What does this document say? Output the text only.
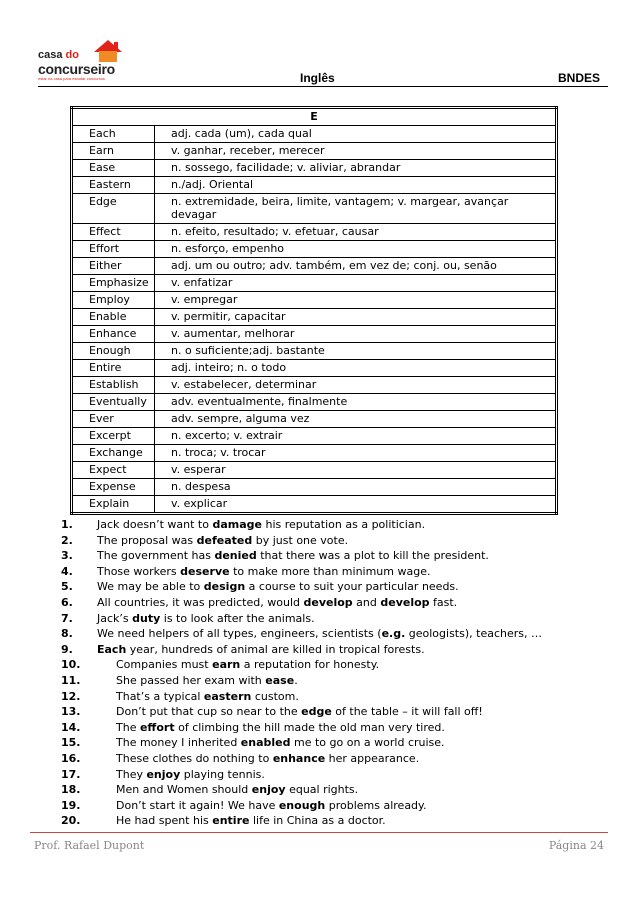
casa do
concurseiro
estar na casa para estudar concursos	Inglês	BNDES
E	
Each	adj. cada (um), cada qual
Earn	v. ganhar, receber, merecer
Ease	n. sossego, facilidade; v. aliviar, abrandar
Eastern	n./adj. Oriental
Edge	n. extremidade, beira, limite, vantagem; v. margear, avançar devagar
Effect	n. efeito, resultado; v. efetuar, causar
Effort	n. esforço, empenho
Either	adj. um ou outro; adv. também, em vez de; conj. ou, senão
Emphasize	v. enfatizar
Employ	v. empregar
Enable	v. permitir, capacitar
Enhance	v. aumentar, melhorar
Enough	n. o suficiente;adj. bastante
Entire	adj. inteiro; n. o todo
Establish	v. estabelecer, determinar
Eventually	adv. eventualmente, finalmente
Ever	adv. sempre, alguma vez
Excerpt	n. excerto; v. extrair
Exchange	n. troca; v. trocar
Expect	v. esperar
Expense	n. despesa
Explain	v. explicar
1. Jack doesn’t want to damage his reputation as a politician.
2. The proposal was defeated by just one vote.
3. The government has denied that there was a plot to kill the president.
4. Those workers deserve to make more than minimum wage.
5. We may be able to design a course to suit your particular needs.
6. All countries, it was predicted, would develop and develop fast.
7. Jack’s duty is to look after the animals.
8. We need helpers of all types, engineers, scientists (e.g. geologists), teachers, …
9. Each year, hundreds of animal are killed in tropical forests.
10.	Companies must earn a reputation for honesty.
11.	She passed her exam with ease.
12.	That’s a typical eastern custom.
13.	Don’t put that cup so near to the edge of the table – it will fall off!
14.	The effort of climbing the hill made the old man very tired.
15.	The money I inherited enabled me to go on a world cruise.
16.	These clothes do nothing to enhance her appearance.
17.	They enjoy playing tennis.
18.	Men and Women should enjoy equal rights.
19.	Don’t start it again! We have enough problems already.
20.	He had spent his entire life in China as a doctor.
Prof. Rafael Dupont	Página 24
